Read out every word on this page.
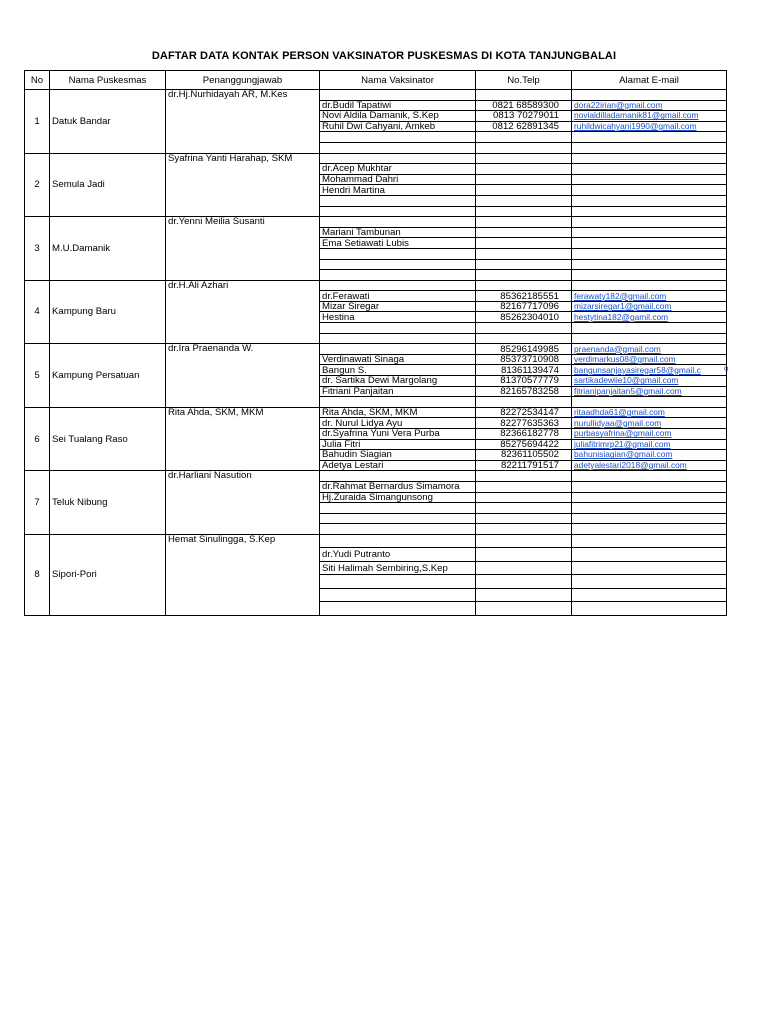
DAFTAR DATA KONTAK PERSON VAKSINATOR PUSKESMAS DI KOTA TANJUNGBALAI
No	Nama Puskesmas	Penanggungjawab	Nama Vaksinator	No.Telp	Alamat E-mail
1	Datuk Bandar	dr.Hj.Nurhidayah AR, M.Kes			
			dr.Budil Tapatiwi	0821 68589300	dora22irian@gmail.com
			Novi Aldila Damanik, S.Kep	0813 70279011	novialdilladamanik81@gmail.com
			Ruhil Dwi Cahyani, Amkeb	0812 62891345	ruhildwicahyani1990@gmail.com

2	Semula Jadi	Syafrina Yanti Harahap, SKM			
			dr.Acep Mukhtar		
			Mohammad Dahri		
			Hendri Martina		

3	M.U.Damanik	dr.Yenni Meilia Susanti			
			Mariani Tambunan		
			Ema Setiawati Lubis		

4	Kampung Baru	dr.H.Ali Azhari			
			dr.Ferawati	85362185551	ferawaty182@gmail.com
			Mizar Siregar	82167717096	mizarsiregar1@gmail.com
			Hestina	85262304010	hestytina182@gamil.com

5	Kampung Persatuan	dr.Ira Praenanda W.		85296149985	praenanda@gmail.com
			Verdinawati Sinaga	85373710908	verdimarkus08@gmail.com
			Bangun S.	81361139474	bangunsanjayasiregar58@gmail.c
			dr. Sartika Dewi Margolang	81370577779	sartikadewiie10@gmail.com
			Fitriani Panjaitan	82165783258	fitrianipanjaitan5@gmail.com

6	Sei Tualang Raso	Rita Ahda, SKM, MKM	Rita Ahda, SKM, MKM	82272534147	ritaadhda61@gmail.com
			dr. Nurul Lidya Ayu	82277635363	nurullidyaa@gmail.com
			dr.Syafrina Yuni Vera Purba	82366182778	purbasyafrina@gmail.com
			Julia Fitri	85275694422	juliafitrimrp21@gmail.com
			Bahudin Siagian	82361105502	bahunisiagian@gmail.com
			Adetya Lestari	82211791517	adetyalestari2018@gmail.com
7	Teluk Nibung	dr.Harliani Nasution			
			dr.Rahmat Bernardus Simamora		
			Hj.Zuraida Simangunsong		

8	Sipori-Pori	Hemat Sinulingga, S.Kep			
			dr.Yudi Putranto		
			Siti Halimah Sembiring,S.Kep		

o
